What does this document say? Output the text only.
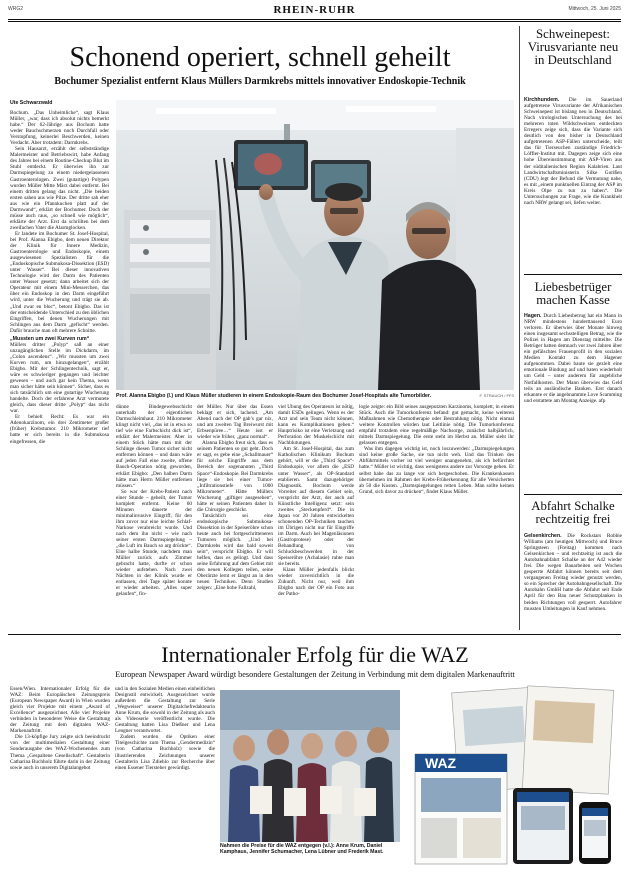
WRG2	RHEIN-RUHR	Mittwoch, 25. Juni 2025
Schonend operiert, schnell geheilt
Bochumer Spezialist entfernt Klaus Müllers Darmkrebs mittels innovativer Endoskopie-Technik
Ute Schwarzwald

Bochum. „Das Unheimliche“, sagt Klaus Müller, „war, dass ich absolut nichts bemerkt habe.“ Der 62-Jährige aus Bochum hatte weder Bauchschmerzen noch Durchfall oder Verstopfung, keinerlei Beschwerden, keinen Verdacht. Aber trotzdem: Darmkrebs.

Sein Hausarzt, erzählt der selbstständige Malermeister und Betriebswirt, habe Anfang des Jahres bei einem Routine-Checkup Blut im Stuhl entdeckt. Er überwies ihn zur Darmspiegelung zu einem niedergelassenen Gastroenterologen. Zwei (gutartige) Polypen wurden Müller Mitte März dabei entfernt. Bei einem dritten gelang das nicht. „Die beiden ersten sahen aus wie Pilze. Der dritte sah eher aus wie ein Pfannkuchen platt auf der Darmwand“, erklärt der Bochumer. Doch der müsse auch raus, „so schnell wie möglich“, erklärte der Arzt. Erst da schrillten bei dem zweifachen Vater die Alarmglocken.

Er landete im Bochumer St. Josef-Hospital, bei Prof. Alanna Ebigbo, dem neuen Direktor der Klinik für Innere Medizin, Gastroenterologie und Endoskopie, einem ausgewiesenen Spezialisten für die „Endoskopische Submukosa-Dissektion (ESD) unter Wasser“. Bei dieser innovativen Technologie wird der Darm des Patienten unter Wasser gesetzt; dann arbeitet sich der Operateur mit einem Mini-Messerchen, das über ein Endoskop in den Darm eingeführt wird, unter die Wucherung und trägt sie ab. „Und zwar en bloc“, betont Ebigbo. Das ist der entscheidende Unterschied zu den üblichen Eingriffen, bei denen Wucherungen mit Schlingen aus dem Darm „gefischt“ werden. Dafür brauche man oft mehrere Schnitte.

„Mussten um zwei Kurven rum“

Müllers dritter „Polyp“ saß an einer unzugänglichen Stelle im Dickdarm, im „Colon ascendens“. „Wir mussten um zwei Kurven rum, um hinzugelangen“, erzählt Ebigbo. Mit der Schlingentechnik, sagt er, wäre es schwieriger gegangen und leichter gewesen – und auch gar kein Thema, wenn man sicher hätte sein können“. Sicher, dass es sich tatsächlich um eine gutartige Wucherung handelte. Doch der erfahrene Arzt vermutete gleich, dass dieser dritte „Polyp“ das nicht war.

Er behielt Recht: Es war ein Adenokarzinom, ein drei Zentimeter großer (früher) Krebstumor. 210 Mikrometer tief hatte er sich bereits in die Submukosa eingefressen, die

Prof. Alanna Ebigbo (l.) und Klaus Müller studieren in einem Endoskopie-Raum des Bochumer Josef-Hospitals alte Tumorbilder.	F. STRAUCH / FFS

dünne Bindegewebsschicht unterhalb der eigentlichen Darmschleimhaut. 210 Mikrometer klingt nicht viel, „das ist in etwa so tief wie eine Farbschicht dick ist“, erklärt der Malermeister. Aber in einem Stück hätte man mit der Schlinge diesen Tumor sicher nicht entfernen können – und dann wäre auf jeden Fall eine zweite, offene Bauch-Operation nötig geworden, erklärt Ebigbo: „Den halben Darm hätte man Herrn Müller entfernen müssen.“

So war der Krebs-Patient nach einer Stunde – geheilt, der Tumor komplett entfernt. Keine 60 Minuten dauerte der minimalinvasive Eingriff, für den ihm zuvor nur eine leichte Schlaf-Narkose verabreicht wurde. Und nach dem ihn nicht – wie nach seiner ersten Darmspiegelung – „die Luft im Bauch so arg drückte“. Eine halbe Stunde, nachdem man Müller zurück aufs Zimmer gebracht hatte, durfte er schon wieder aufstehen. Nach zwei Nächten in der Klinik wurde er entlassen, drei Tage später konnte er wieder arbeiten. „Alles super gelaufen“, fin-

det Müller. Nur über das Essen beklagt er sich, lachend. „Am Abend nach der OP gab’s gar nix, und am zweiten Tag Breiwurst mit Erbsenpüree…“ Heute isst er wieder wie früher, „ganz normal“.

Alanna Ebigbo freut sich, dass es seinem Patienten so gut geht. Doch er sagt, es gebe eine „Schallmauer“ für solche Eingriffe aus dem Bereich der sogenannten „Third Space“-Endoskopie. Bei Darmkrebs liege sie bei einer Tumor-„Infiltrationstiefe von 1000 Mikrometer“. Hätte Müllers Wucherung „giftiger ausgesehen“, hätte er seinen Patienten daher in die Chirurgie geschickt.

Tatsächlich sei eine endoskopische Submukosa-Dissektion in der Speiseröhre schon heute auch bei fortgeschritteneren Tumoren möglich. „Und bei Darmkrebs wird das bald soweit sein“, verspricht Ebigbo. Er will helfen, dass es gelingt. Und dass seine Erfahrung auf dem Gebiet mit den neuen Kollegen teilen, seine Oberärzte lernt er längst an in den neuen Techniken. Denn Studien zeigen: „Eine hohe Fallzahl,

viel Übung des Operateurs ist nötig, damit ESDs gelingen. Wenn es der Arzt und sein Team nicht können, kann es Komplikationen geben.“ Hauptrisiko ist eine Verletzung und Perforation der Muskelschicht mit Nachblutungen.

Am St. Josef-Hospital, das zum Katholischen Klinikum Bochum gehört, will er die „Third Space“-Endoskopie, vor allem die „ESD unter Wasser“, als OP-Standard etablieren. Samt dazugehöriger Diagnostik. Bochum werde Vorreiter auf diesem Gebiet sein, verspricht der Arzt, der auch auf Künstliche Intelligenz setzt: sein zweites „Steckenpferd“. Die in Japan vor 20 Jahren entwickelten schonenden OP-Techniken tauchen im Übrigen nicht nur für Eingriffe im Darm. Auch bei Magenläsionen (Gastroprotese) oder der Behandlung von Schluckbeschwerden in der Speiseröhre (Achalasie) ruhte man sie bereits.

Klaus Müller jedenfalls blickt wieder zuversichtlich in die Zukunft. Nicht nur, weil ihm Ebigbo nach der OP ein Foto aus der Patho-

logie zeigte: ein Bild seines ausgeputzten Karzinoms, komplett, in einem Stück. Auch die Tumorkonferenz befand: gut gemacht, keine weiteren Maßnahmen wie Chemotherapie oder Bestrahlung nötig. Nicht einmal weitere Kontrollen würden laut Leitlinie nötig. Die Tumorkonferenz empfahl trotzdem eine regelmäßige Nachsorge, zunächst halbjährlich, mittels Darmspiegelung. Die erste steht im Herbst an. Müller sieht ihr gelassen entgegen.

Was ihm dagegen wichtig ist, noch loszuwerden: „Darmspiegelungen sind keine große Sache, sie tun nicht weh. Und das Trinken des Abführmittels vorher ist viel weniger unangenehm, als ich befürchtet hatte.“ Müller ist wichtig, dass wenigstens andere zur Vorsorge gehen. Er selbst habe das zu lange vor sich hergeschoben. Die Krankenkassen übernehmen im Rahmen der Krebs-Früherkennung für alle Versicherten ab 50 die Kosten. „Darmspiegelungen retten Leben. Man sollte keinen Grund, sich davor zu drücken“, findet Klaus Müller.

Schweinepest: Virusvariante neu in Deutschland

Kirchhundem. Die im Sauerland aufgetretene Virusvariante der Afrikanischen Schweinepest ist bislang neu in Deutschland. Nach virologischen Untersuchung des bei mehreren toten Wildschweinen entdeckten Erregers zeige sich, dass die Variante sich deutlich von den bisher in Deutschland aufgetretenen ASP-Fällen unterscheide, teilt das für Tierseuchen zuständige Friedrich-Löffler-Institut mit. Dagegen zeige sich eine hohe Übereinstimmung mit ASP-Viren aus der süditalienischen Region Kalabrien. Laut Landwirtschaftsministerin Silke Gorißen (CDU) legt der Befund die Vermutung nahe, es mit „einem punktuellen Eintrag der ASP im Kreis Olpe zu tun zu haben“. Die Untersuchungen zur Frage, wie die Krankheit nach NRW gelangt sei, liefen weiter.

Liebesbetrüger machen Kasse

Hagen. Durch Liebesbetrug hat ein Mann in NRW mindestens hunderttausend Euro verloren. Er überwies über Monate hinweg einen insgesamt sechsstelligen Betrag, wie die Polizei in Hagen am Dienstag mitteilte. Die Betrüger hatten demnach vor zwei Jahren über ein gefälschtes Frauenprofil in den sozialen Medien Kontakt zu dem Hagener aufgenommen. Dabei baute sie gezielt eine emotionale Bindung auf und baten wiederholt um Geld – unter anderem für angebliche Notfallkosten. Der Mann überwies das Geld teils an ausländische Banken. Erst danach erkannte er die angebnammte Love Scamming und erstattete am Montag Anzeige. afp

Abfahrt Schalke rechtzeitig frei

Gelsenkirchen. Die Rockstars Robbie Williams (am heutigen Mittwoch) und Bruce Springsteen (Freitag) kommen nach Gelsenkirchen – und rechtzeitig ist auch die Autobahnabfahrt Schalke an der A42 wieder frei. Die wegen Bauarbeiten seit Wochen gesperrte Abfahrt können bereits seit dem vergangenen Freitag wieder genutzt werden, so ein Sprecher der Autobahngesellschaft. Die Autobahn GmbH hatte die Abfahrt seit Ende April für den Bau neuer Schutzplanken in beiden Richtungen voll gesperrt. Autofahrer mussten Umleitungen in Kauf nehmen.

Internationaler Erfolg für die WAZ
European Newspaper Award würdigt besondere Gestaltungen der Zeitung in Verbindung mit dem digitalen Markenauftritt

Essen/Wien. Internationaler Erfolg für die WAZ: Beim Europäischen Zeitungspreis (European Newspaper Award) in Wien wurden gleich vier Projekte mit einem „Award of Excellence“ ausgezeichnet. Alle vier Projekte verbinden in besonderer Weise die Gestaltung der Zeitung mit dem digitalen WAZ-Markenauftritt.

Die 13-köpfige Jury zeigte sich beeindruckt von der multimedialen Gestaltung einer Sonderausgabe des WAZ-Wochenendes zum Thema „Gespaltene Gesellschaft“. Gestalterin Catharina Buchholz führte darin in der Zeitung sowie auch in unserem Digitalangebot

und in den Sozialen Medien einen einheitlichen Designstil entwickelt. Ausgezeichnet wurde außerdem die Gestaltung zur Serie „Wegweiser“ unserer Digitalchefredakteurin Anne Krum, die sowohl in der Zeitung als auch als Videoserie veröffentlicht wurde. Die Gestaltung hatten Lisa Dießner und Lena Lengner verantwortet.

Zudem wurden die Optiken einer Titelgeschichte zum Thema „Gendermedizin“ (von Catharina Buchholz) sowie die illustrierenden Zeichnungen unserer Gestalterin Lisa Zdiehlo zur Recherche über einen Essener Tiersteher gewürdigt.

Nahmen die Preise für die WAZ entgegen (v.l.): Anne Krum, Daniel Kamphaus, Jennifer Schumacher, Lena Lübner und Frederik Mast.
WAZ
